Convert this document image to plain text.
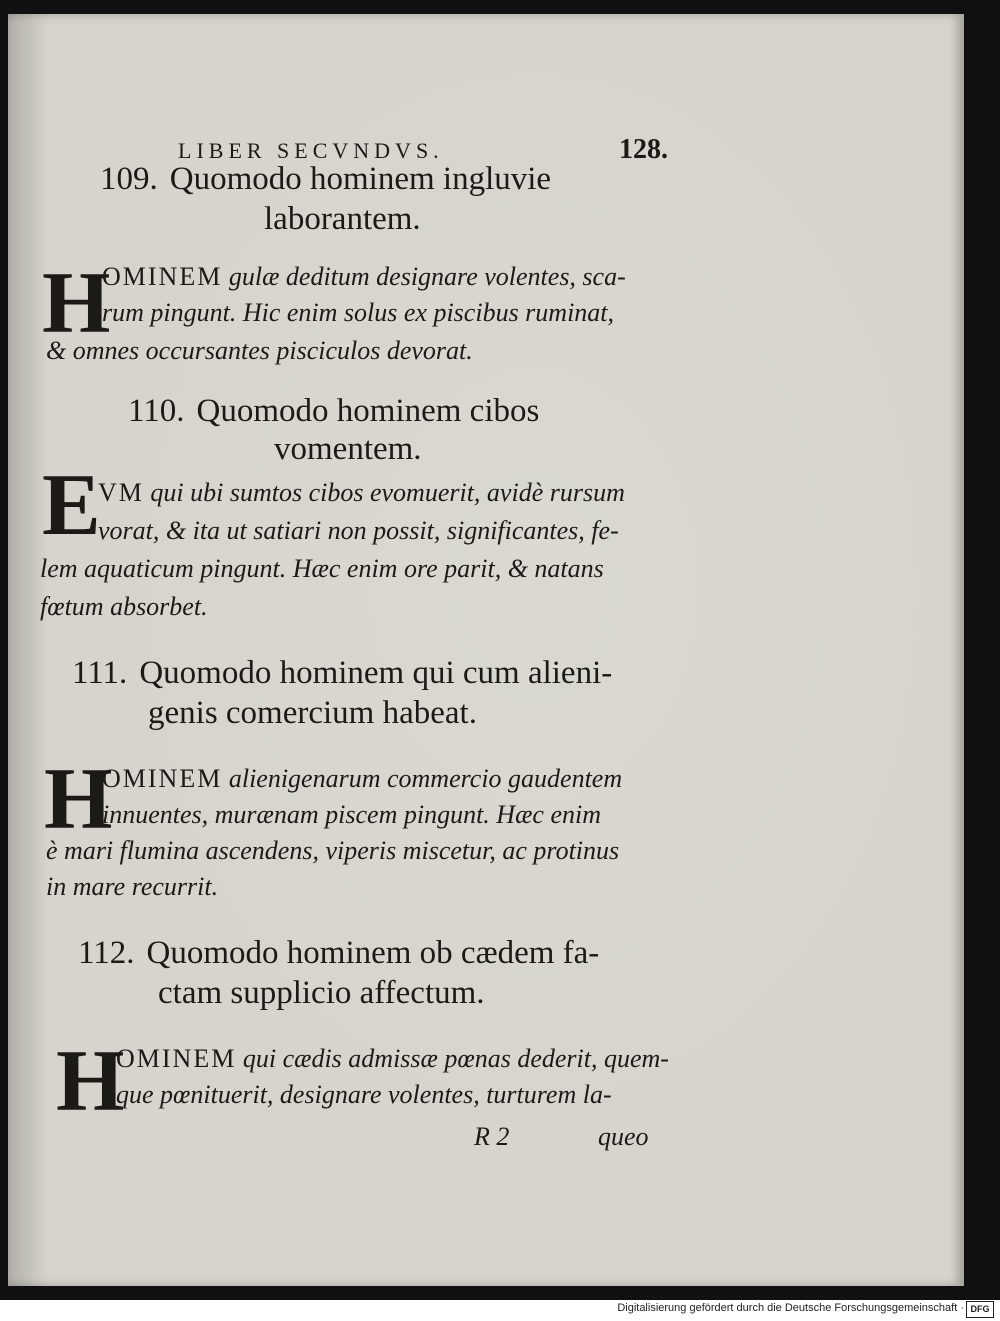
LIBER SECVNDVS.	128.
109. Quomodo hominem ingluvie
laborantem.
H
OMINEM gulæ deditum designare volentes, sca-
rum pingunt. Hic enim solus ex piscibus ruminat,
& omnes occursantes pisciculos devorat.
110. Quomodo hominem cibos
vomentem.
E
VM qui ubi sumtos cibos evomuerit, avidè rursum
vorat, & ita ut satiari non possit, significantes, fe-
lem aquaticum pingunt. Hæc enim ore parit, & natans
fœtum absorbet.
111. Quomodo hominem qui cum alieni-
genis comercium habeat.
H
OMINEM alienigenarum commercio gaudentem
innuentes, murænam piscem pingunt. Hæc enim
è mari flumina ascendens, viperis miscetur, ac protinus
in mare recurrit.
112. Quomodo hominem ob cædem fa-
ctam supplicio affectum.
H
OMINEM qui cædis admissæ pœnas dederit, quem-
que pœnituerit, designare volentes, turturem la-
R 2	queo
Digitalisierung gefördert durch die Deutsche Forschungsgemeinschaft · DFG
